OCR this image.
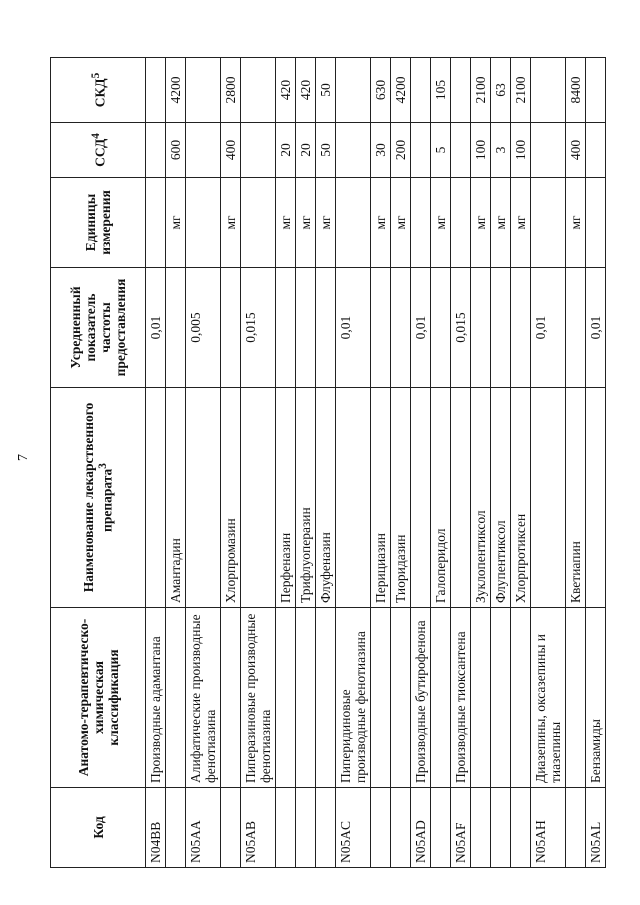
7
Код	Анатомо-терапевтическо-химическая классификация	Наименование лекарственного препарата$^3$	Усредненный показатель частоты предоставления	Единицы измерения	ССД$^4$	СКД$^5$
N04BB	Производные адамантана		0,01			
		Амантадин		мг	600	4200
N05AA	Алифатические производные фенотиазина		0,005			
		Хлорпромазин		мг	400	2800
N05AB	Пиперазиновые производные фенотиазина		0,015			
		Перфеназин		мг	20	420
		Трифлуоперазин		мг	20	420
		Флуфеназин		мг	50	50
N05AC	Пиперидиновые производные фенотиазина		0,01			
		Перициазин		мг	30	630
		Тиоридазин		мг	200	4200
N05AD	Производные бутирофенона		0,01			
		Галоперидол		мг	5	105
N05AF	Производные тиоксантена		0,015			
		Зуклопентиксол		мг	100	2100
		Флупентиксол		мг	3	63
		Хлорпротиксен		мг	100	2100
N05AH	Диазепины, оксазепины и тиазепины		0,01			
		Кветиапин		мг	400	8400
N05AL	Бензамиды		0,01			
